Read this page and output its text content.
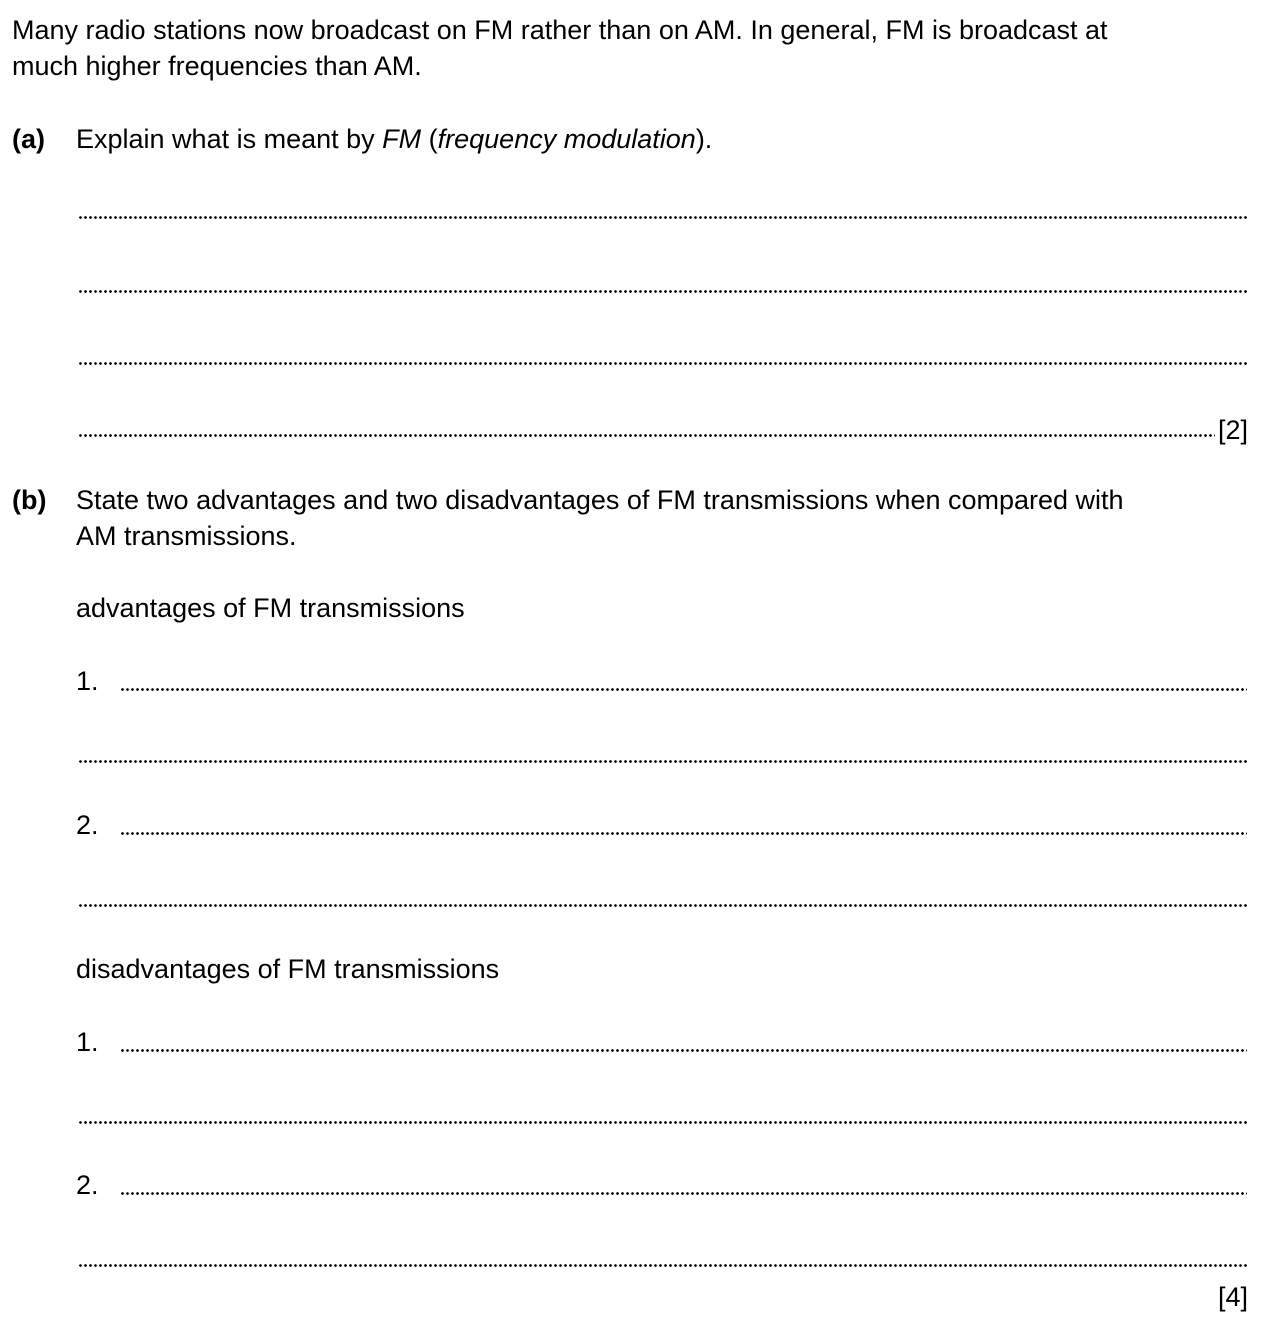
Many radio stations now broadcast on FM rather than on AM. In general, FM is broadcast at
much higher frequencies than AM.
(a) Explain what is meant by FM (frequency modulation).
[2]
(b) State two advantages and two disadvantages of FM transmissions when compared with
AM transmissions.
advantages of FM transmissions
1.
2.
disadvantages of FM transmissions
1.
2.
[4]
